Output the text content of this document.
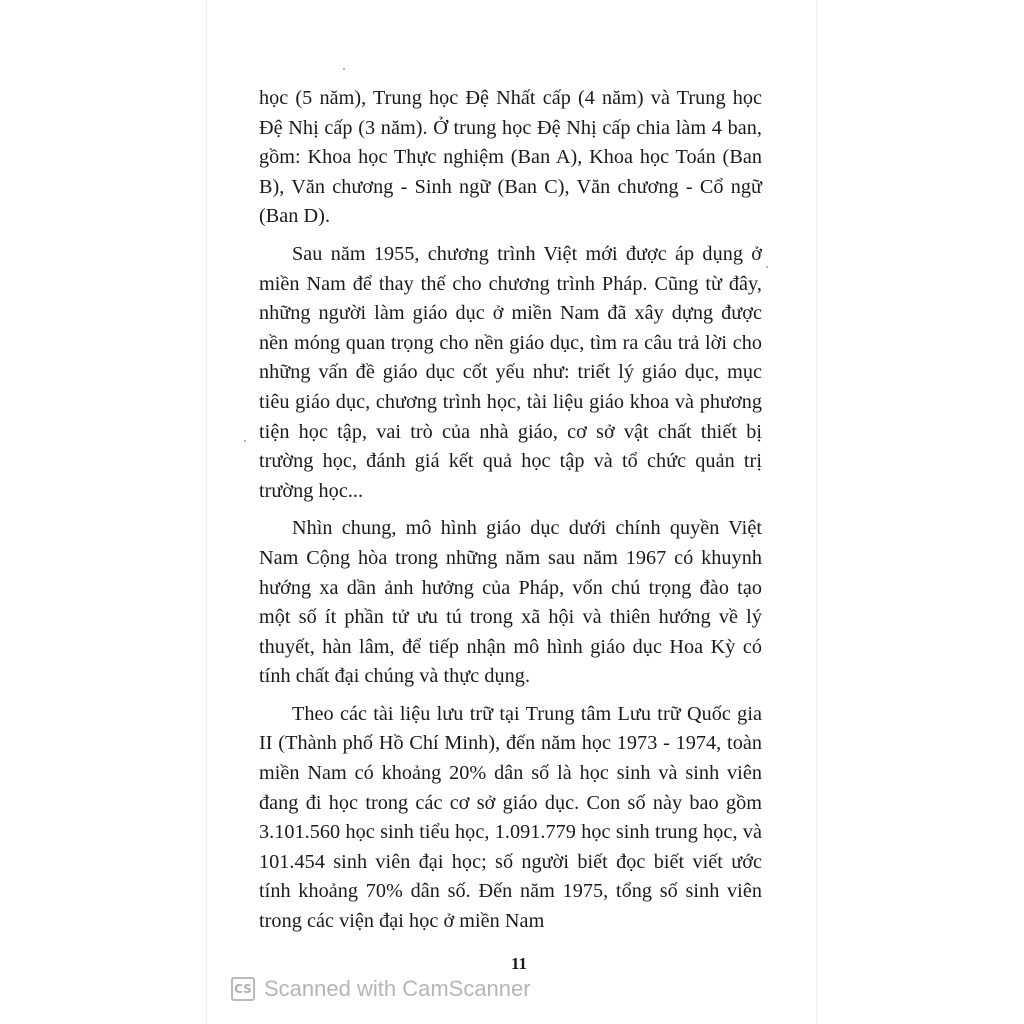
học (5 năm), Trung học Đệ Nhất cấp (4 năm) và Trung học Đệ Nhị cấp (3 năm). Ở trung học Đệ Nhị cấp chia làm 4 ban, gồm: Khoa học Thực nghiệm (Ban A), Khoa học Toán (Ban B), Văn chương - Sinh ngữ (Ban C), Văn chương - Cổ ngữ (Ban D).

Sau năm 1955, chương trình Việt mới được áp dụng ở miền Nam để thay thế cho chương trình Pháp. Cũng từ đây, những người làm giáo dục ở miền Nam đã xây dựng được nền móng quan trọng cho nền giáo dục, tìm ra câu trả lời cho những vấn đề giáo dục cốt yếu như: triết lý giáo dục, mục tiêu giáo dục, chương trình học, tài liệu giáo khoa và phương tiện học tập, vai trò của nhà giáo, cơ sở vật chất thiết bị trường học, đánh giá kết quả học tập và tổ chức quản trị trường học...

Nhìn chung, mô hình giáo dục dưới chính quyền Việt Nam Cộng hòa trong những năm sau năm 1967 có khuynh hướng xa dần ảnh hưởng của Pháp, vốn chú trọng đào tạo một số ít phần tử ưu tú trong xã hội và thiên hướng về lý thuyết, hàn lâm, để tiếp nhận mô hình giáo dục Hoa Kỳ có tính chất đại chúng và thực dụng.

Theo các tài liệu lưu trữ tại Trung tâm Lưu trữ Quốc gia II (Thành phố Hồ Chí Minh), đến năm học 1973 - 1974, toàn miền Nam có khoảng 20% dân số là học sinh và sinh viên đang đi học trong các cơ sở giáo dục. Con số này bao gồm 3.101.560 học sinh tiểu học, 1.091.779 học sinh trung học, và 101.454 sinh viên đại học; số người biết đọc biết viết ước tính khoảng 70% dân số. Đến năm 1975, tổng số sinh viên trong các viện đại học ở miền Nam

11
CS Scanned with CamScanner
